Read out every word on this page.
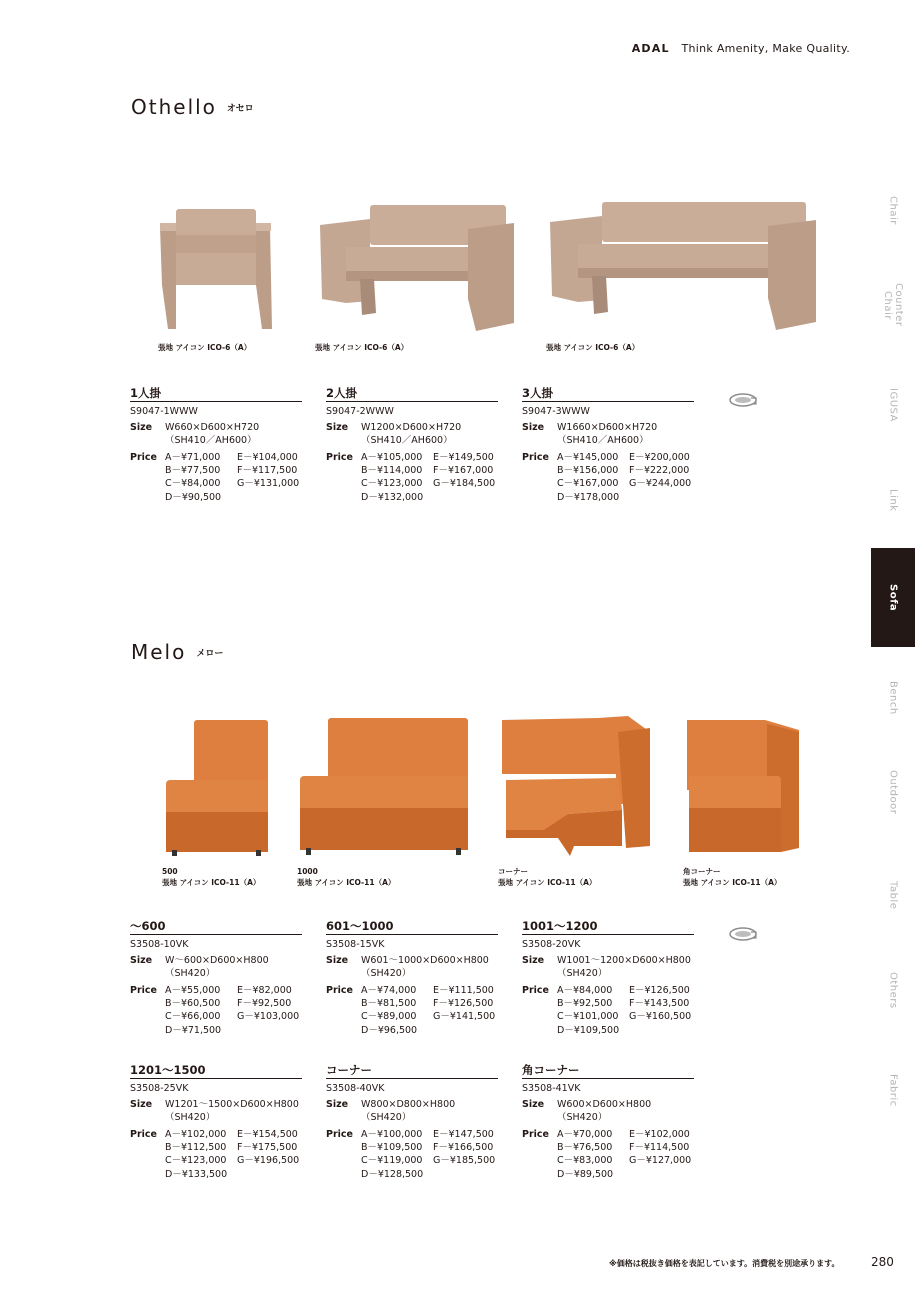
ADAL Think Amenity, Make Quality.
Othello オセロ
張地 アイコン ICO-6（A）	張地 アイコン ICO-6（A）	張地 アイコン ICO-6（A）
1人掛
S9047-1WWW
Size	W660×D600×H720
（SH410／AH600）
Price A－¥71,000	E－¥104,000
B－¥77,500	F－¥117,500
C－¥84,000	G－¥131,000
D－¥90,500
2人掛
S9047-2WWW
Size	W1200×D600×H720
（SH410／AH600）
Price A－¥105,000	E－¥149,500
B－¥114,000	F－¥167,000
C－¥123,000	G－¥184,500
D－¥132,000
3人掛
S9047-3WWW
Size	W1660×D600×H720
（SH410／AH600）
Price A－¥145,000	E－¥200,000
B－¥156,000	F－¥222,000
C－¥167,000	G－¥244,000
D－¥178,000
Melo メロー
500
張地 アイコン ICO-11（A）
1000
張地 アイコン ICO-11（A）
コーナー
張地 アイコン ICO-11（A）
角コーナー
張地 アイコン ICO-11（A）
～600
S3508-10VK
Size	W～600×D600×H800
（SH420）
Price A－¥55,000	E－¥82,000
B－¥60,500	F－¥92,500
C－¥66,000	G－¥103,000
D－¥71,500
601～1000
S3508-15VK
Size	W601～1000×D600×H800
（SH420）
Price A－¥74,000	E－¥111,500
B－¥81,500	F－¥126,500
C－¥89,000	G－¥141,500
D－¥96,500
1001～1200
S3508-20VK
Size	W1001～1200×D600×H800
（SH420）
Price A－¥84,000	E－¥126,500
B－¥92,500	F－¥143,500
C－¥101,000	G－¥160,500
D－¥109,500
1201～1500
S3508-25VK
Size	W1201～1500×D600×H800
（SH420）
Price A－¥102,000	E－¥154,500
B－¥112,500	F－¥175,500
C－¥123,000	G－¥196,500
D－¥133,500
コーナー
S3508-40VK
Size	W800×D800×H800
（SH420）
Price A－¥100,000	E－¥147,500
B－¥109,500	F－¥166,500
C－¥119,000	G－¥185,500
D－¥128,500
角コーナー
S3508-41VK
Size	W600×D600×H800
（SH420）
Price A－¥70,000	E－¥102,000
B－¥76,500	F－¥114,500
C－¥83,000	G－¥127,000
D－¥89,500
Chair
Counter Chair
IGUSA
Link
Sofa
Bench
Outdoor
Table
Others
Fabric
※価格は税抜き価格を表記しています。消費税を別途承ります。	280
